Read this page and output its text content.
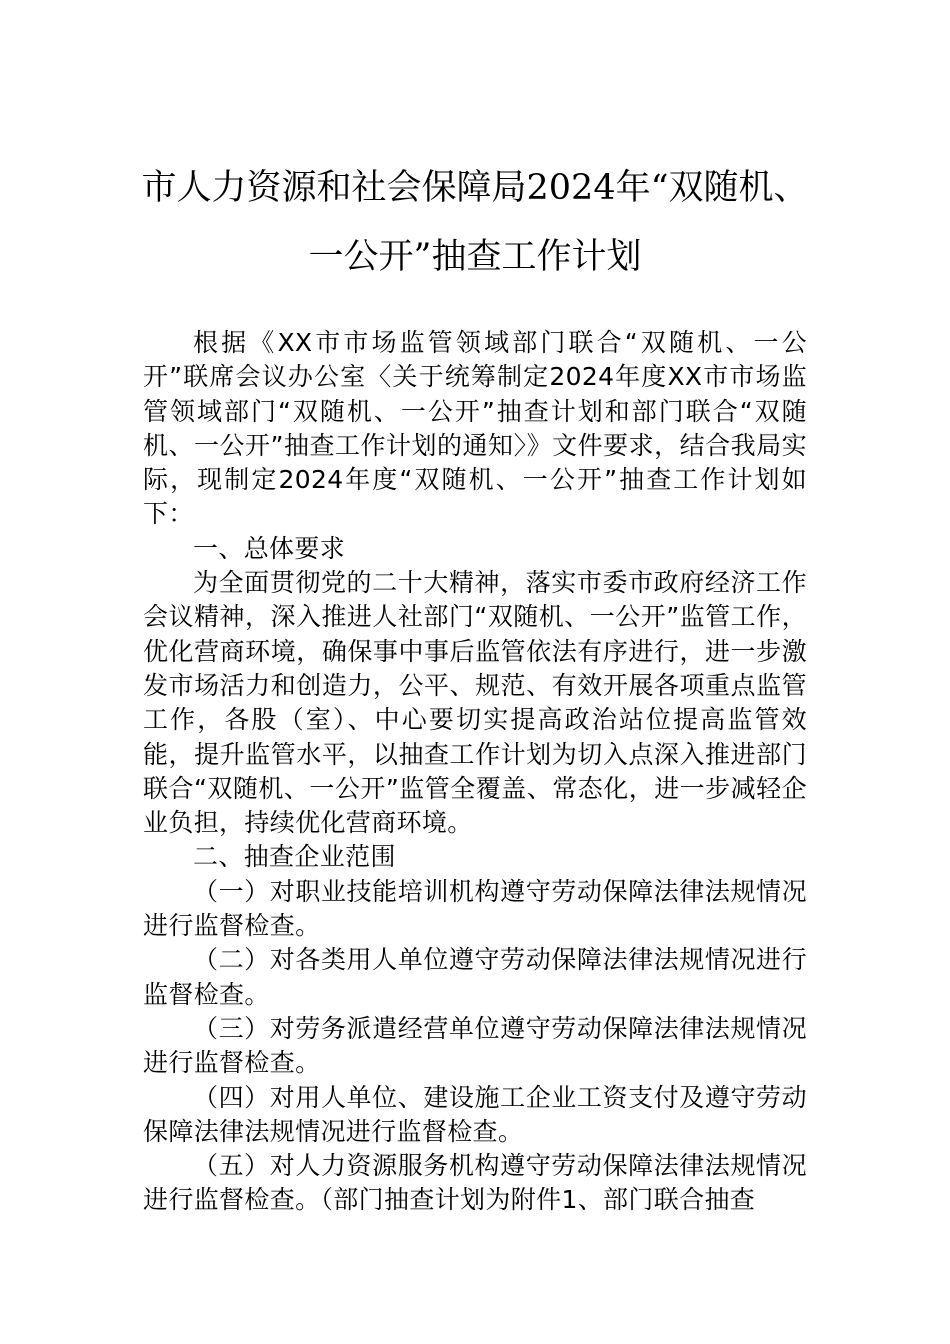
市人力资源和社会保障局2024年“双随机、
一公开”抽查工作计划

根据《XX市市场监管领域部门联合“双随机、一公开”联席会议办公室〈关于统筹制定2024年度XX市市场监管领域部门“双随机、一公开”抽查计划和部门联合“双随机、一公开”抽查工作计划的通知〉》文件要求，结合我局实际，现制定2024年度“双随机、一公开”抽查工作计划如下：

一、总体要求

为全面贯彻党的二十大精神，落实市委市政府经济工作会议精神，深入推进人社部门“双随机、一公开”监管工作，优化营商环境，确保事中事后监管依法有序进行，进一步激发市场活力和创造力，公平、规范、有效开展各项重点监管工作，各股（室）、中心要切实提高政治站位提高监管效能，提升监管水平，以抽查工作计划为切入点深入推进部门联合“双随机、一公开”监管全覆盖、常态化，进一步减轻企业负担，持续优化营商环境。

二、抽查企业范围

（一）对职业技能培训机构遵守劳动保障法律法规情况进行监督检查。

（二）对各类用人单位遵守劳动保障法律法规情况进行监督检查。

（三）对劳务派遣经营单位遵守劳动保障法律法规情况进行监督检查。

（四）对用人单位、建设施工企业工资支付及遵守劳动保障法律法规情况进行监督检查。

（五）对人力资源服务机构遵守劳动保障法律法规情况进行监督检查。（部门抽查计划为附件1、部门联合抽查
